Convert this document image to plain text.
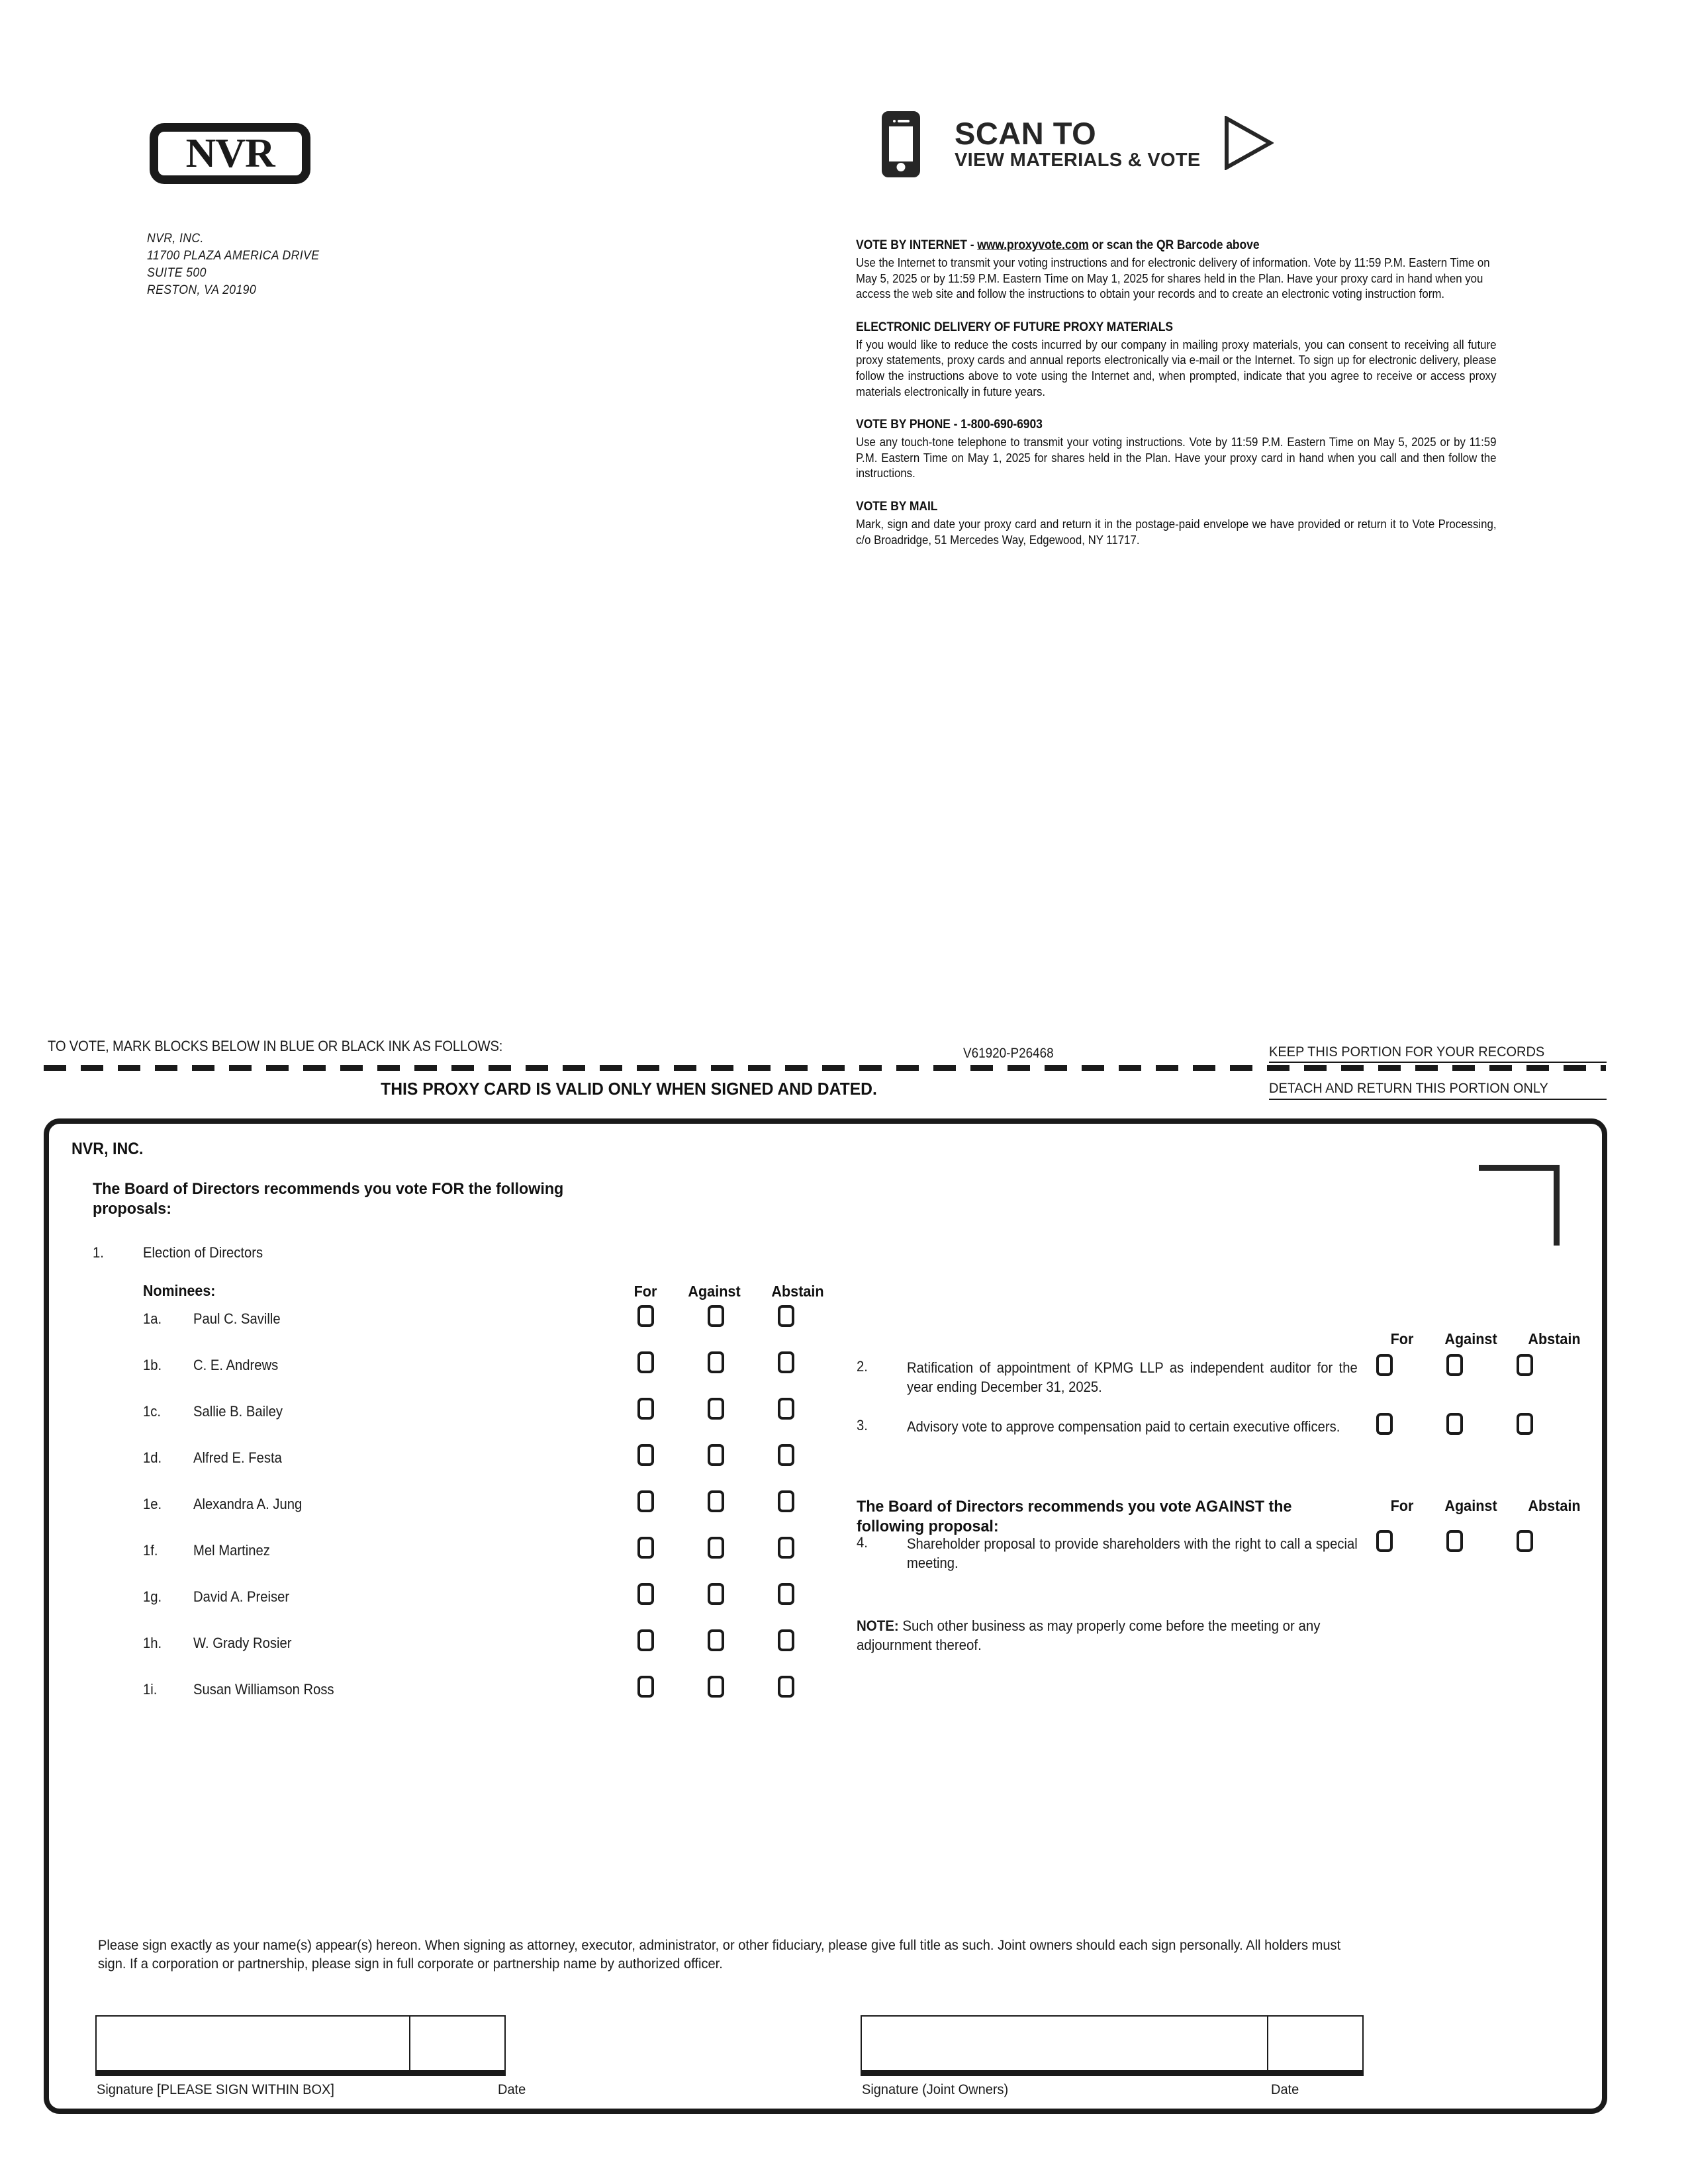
NVR
NVR, INC.
11700 PLAZA AMERICA DRIVE
SUITE 500
RESTON, VA 20190
SCAN TO
VIEW MATERIALS & VOTE
VOTE BY INTERNET - www.proxyvote.com or scan the QR Barcode above
Use the Internet to transmit your voting instructions and for electronic delivery of information. Vote by 11:59 P.M. Eastern Time on May 5, 2025 or by 11:59 P.M. Eastern Time on May 1, 2025 for shares held in the Plan. Have your proxy card in hand when you access the web site and follow the instructions to obtain your records and to create an electronic voting instruction form.
ELECTRONIC DELIVERY OF FUTURE PROXY MATERIALS
If you would like to reduce the costs incurred by our company in mailing proxy materials, you can consent to receiving all future proxy statements, proxy cards and annual reports electronically via e-mail or the Internet. To sign up for electronic delivery, please follow the instructions above to vote using the Internet and, when prompted, indicate that you agree to receive or access proxy materials electronically in future years.
VOTE BY PHONE - 1-800-690-6903
Use any touch-tone telephone to transmit your voting instructions. Vote by 11:59 P.M. Eastern Time on May 5, 2025 or by 11:59 P.M. Eastern Time on May 1, 2025 for shares held in the Plan. Have your proxy card in hand when you call and then follow the instructions.
VOTE BY MAIL
Mark, sign and date your proxy card and return it in the postage-paid envelope we have provided or return it to Vote Processing, c/o Broadridge, 51 Mercedes Way, Edgewood, NY 11717.
TO VOTE, MARK BLOCKS BELOW IN BLUE OR BLACK INK AS FOLLOWS:	V61920-P26468	KEEP THIS PORTION FOR YOUR RECORDS
DETACH AND RETURN THIS PORTION ONLY
THIS PROXY CARD IS VALID ONLY WHEN SIGNED AND DATED.
NVR, INC.
The Board of Directors recommends you vote FOR the following proposals:
1.	Election of Directors
Nominees:	For	Against	Abstain
1a. Paul C. Saville
1b. C. E. Andrews
1c. Sallie B. Bailey
1d. Alfred E. Festa
1e. Alexandra A. Jung
1f. Mel Martinez
1g. David A. Preiser
1h. W. Grady Rosier
1i. Susan Williamson Ross
For	Against	Abstain
2.	Ratification of appointment of KPMG LLP as independent auditor for the year ending December 31, 2025.
3.	Advisory vote to approve compensation paid to certain executive officers.
4.	Shareholder proposal to provide shareholders with the right to call a special meeting.
The Board of Directors recommends you vote AGAINST the following proposal:
For	Against	Abstain
NOTE: Such other business as may properly come before the meeting or any adjournment thereof.
Please sign exactly as your name(s) appear(s) hereon. When signing as attorney, executor, administrator, or other fiduciary, please give full title as such. Joint owners should each sign personally. All holders must sign. If a corporation or partnership, please sign in full corporate or partnership name by authorized officer.
Signature [PLEASE SIGN WITHIN BOX]	Date	Signature (Joint Owners)	Date
